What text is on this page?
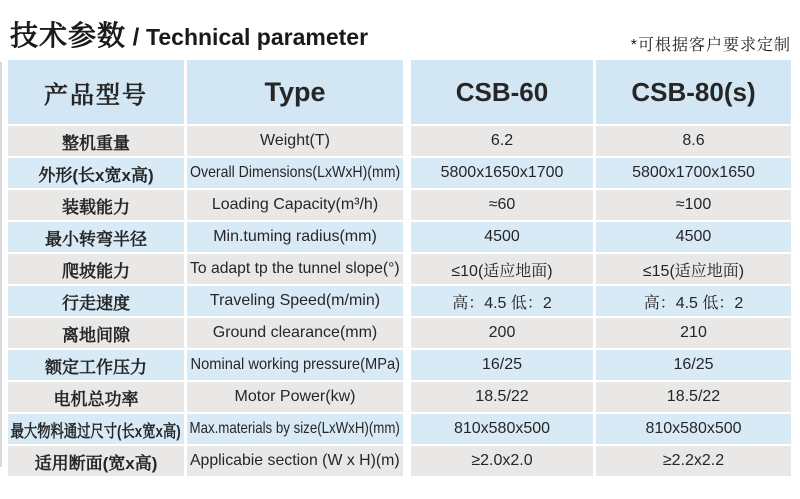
技术参数 / Technical parameter	*可根据客户要求定制
产品型号	Type	CSB-60	CSB-80(s)
整机重量	Weight(T)	6.2	8.6
外形(长x宽x高) Overall Dimensions(LxWxH)(mm)	5800x1650x1700	5800x1700x1650
装载能力	Loading Capacity(m³/h)	≈60	≈100
最小转弯半径	Min.tuming radius(mm)	4500	4500
爬坡能力	To adapt tp the tunnel slope(°)	≤10(适应地面)	≤15(适应地面)
行走速度	Traveling Speed(m/min)	高：4.5 低：2	高：4.5 低：2
离地间隙	Ground clearance(mm)	200	210
额定工作压力	Nominal working pressure(MPa)	16/25	16/25
电机总功率	Motor Power(kw)	18.5/22	18.5/22
最大物料通过尺寸(长x宽x高) Max.materials by size(LxWxH)(mm)	810x580x500	810x580x500
适用断面(宽x高) Applicabie section (W x H)(m)	≥2.0x2.0	≥2.2x2.2
